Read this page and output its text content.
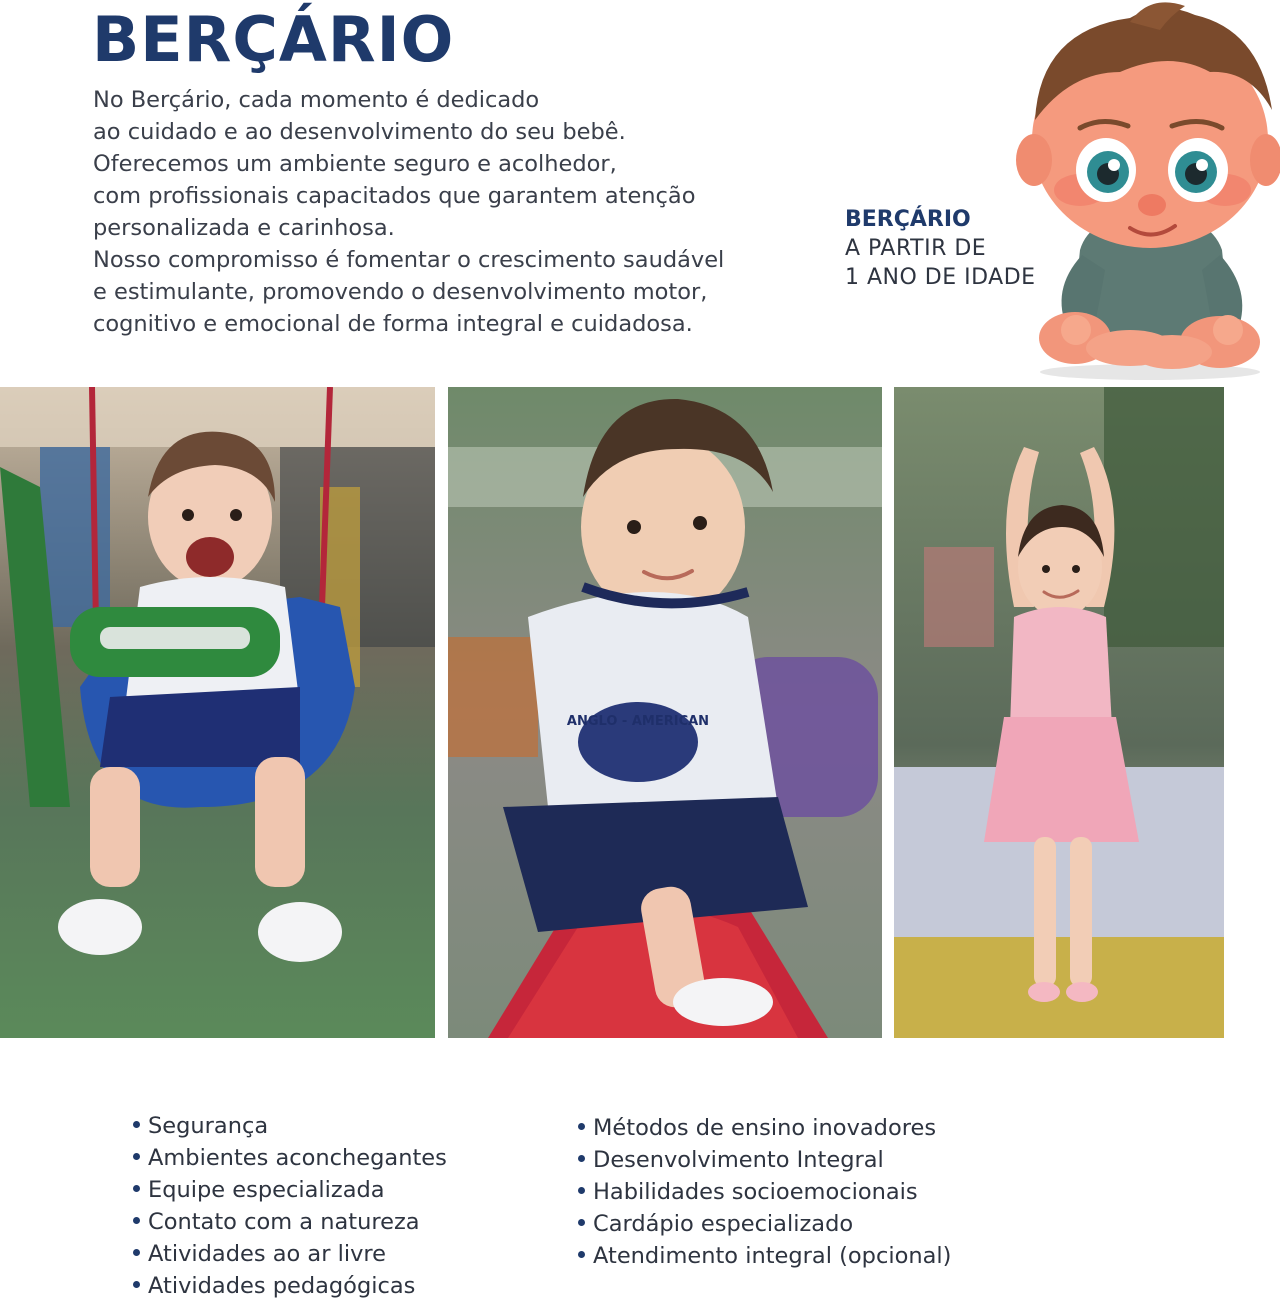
BERÇÁRIO
No Berçário, cada momento é dedicado
ao cuidado e ao desenvolvimento do seu bebê.
Oferecemos um ambiente seguro e acolhedor,
com profissionais capacitados que garantem atenção
personalizada e carinhosa.
Nosso compromisso é fomentar o crescimento saudável
e estimulante, promovendo o desenvolvimento motor,
cognitivo e emocional de forma integral e cuidadosa.
BERÇÁRIO
A PARTIR DE
1 ANO DE IDADE
ANGLO - AMERICAN
Segurança
Ambientes aconchegantes
Equipe especializada
Contato com a natureza
Atividades ao ar livre
Atividades pedagógicas
Métodos de ensino inovadores
Desenvolvimento Integral
Habilidades socioemocionais
Cardápio especializado
Atendimento integral (opcional)
